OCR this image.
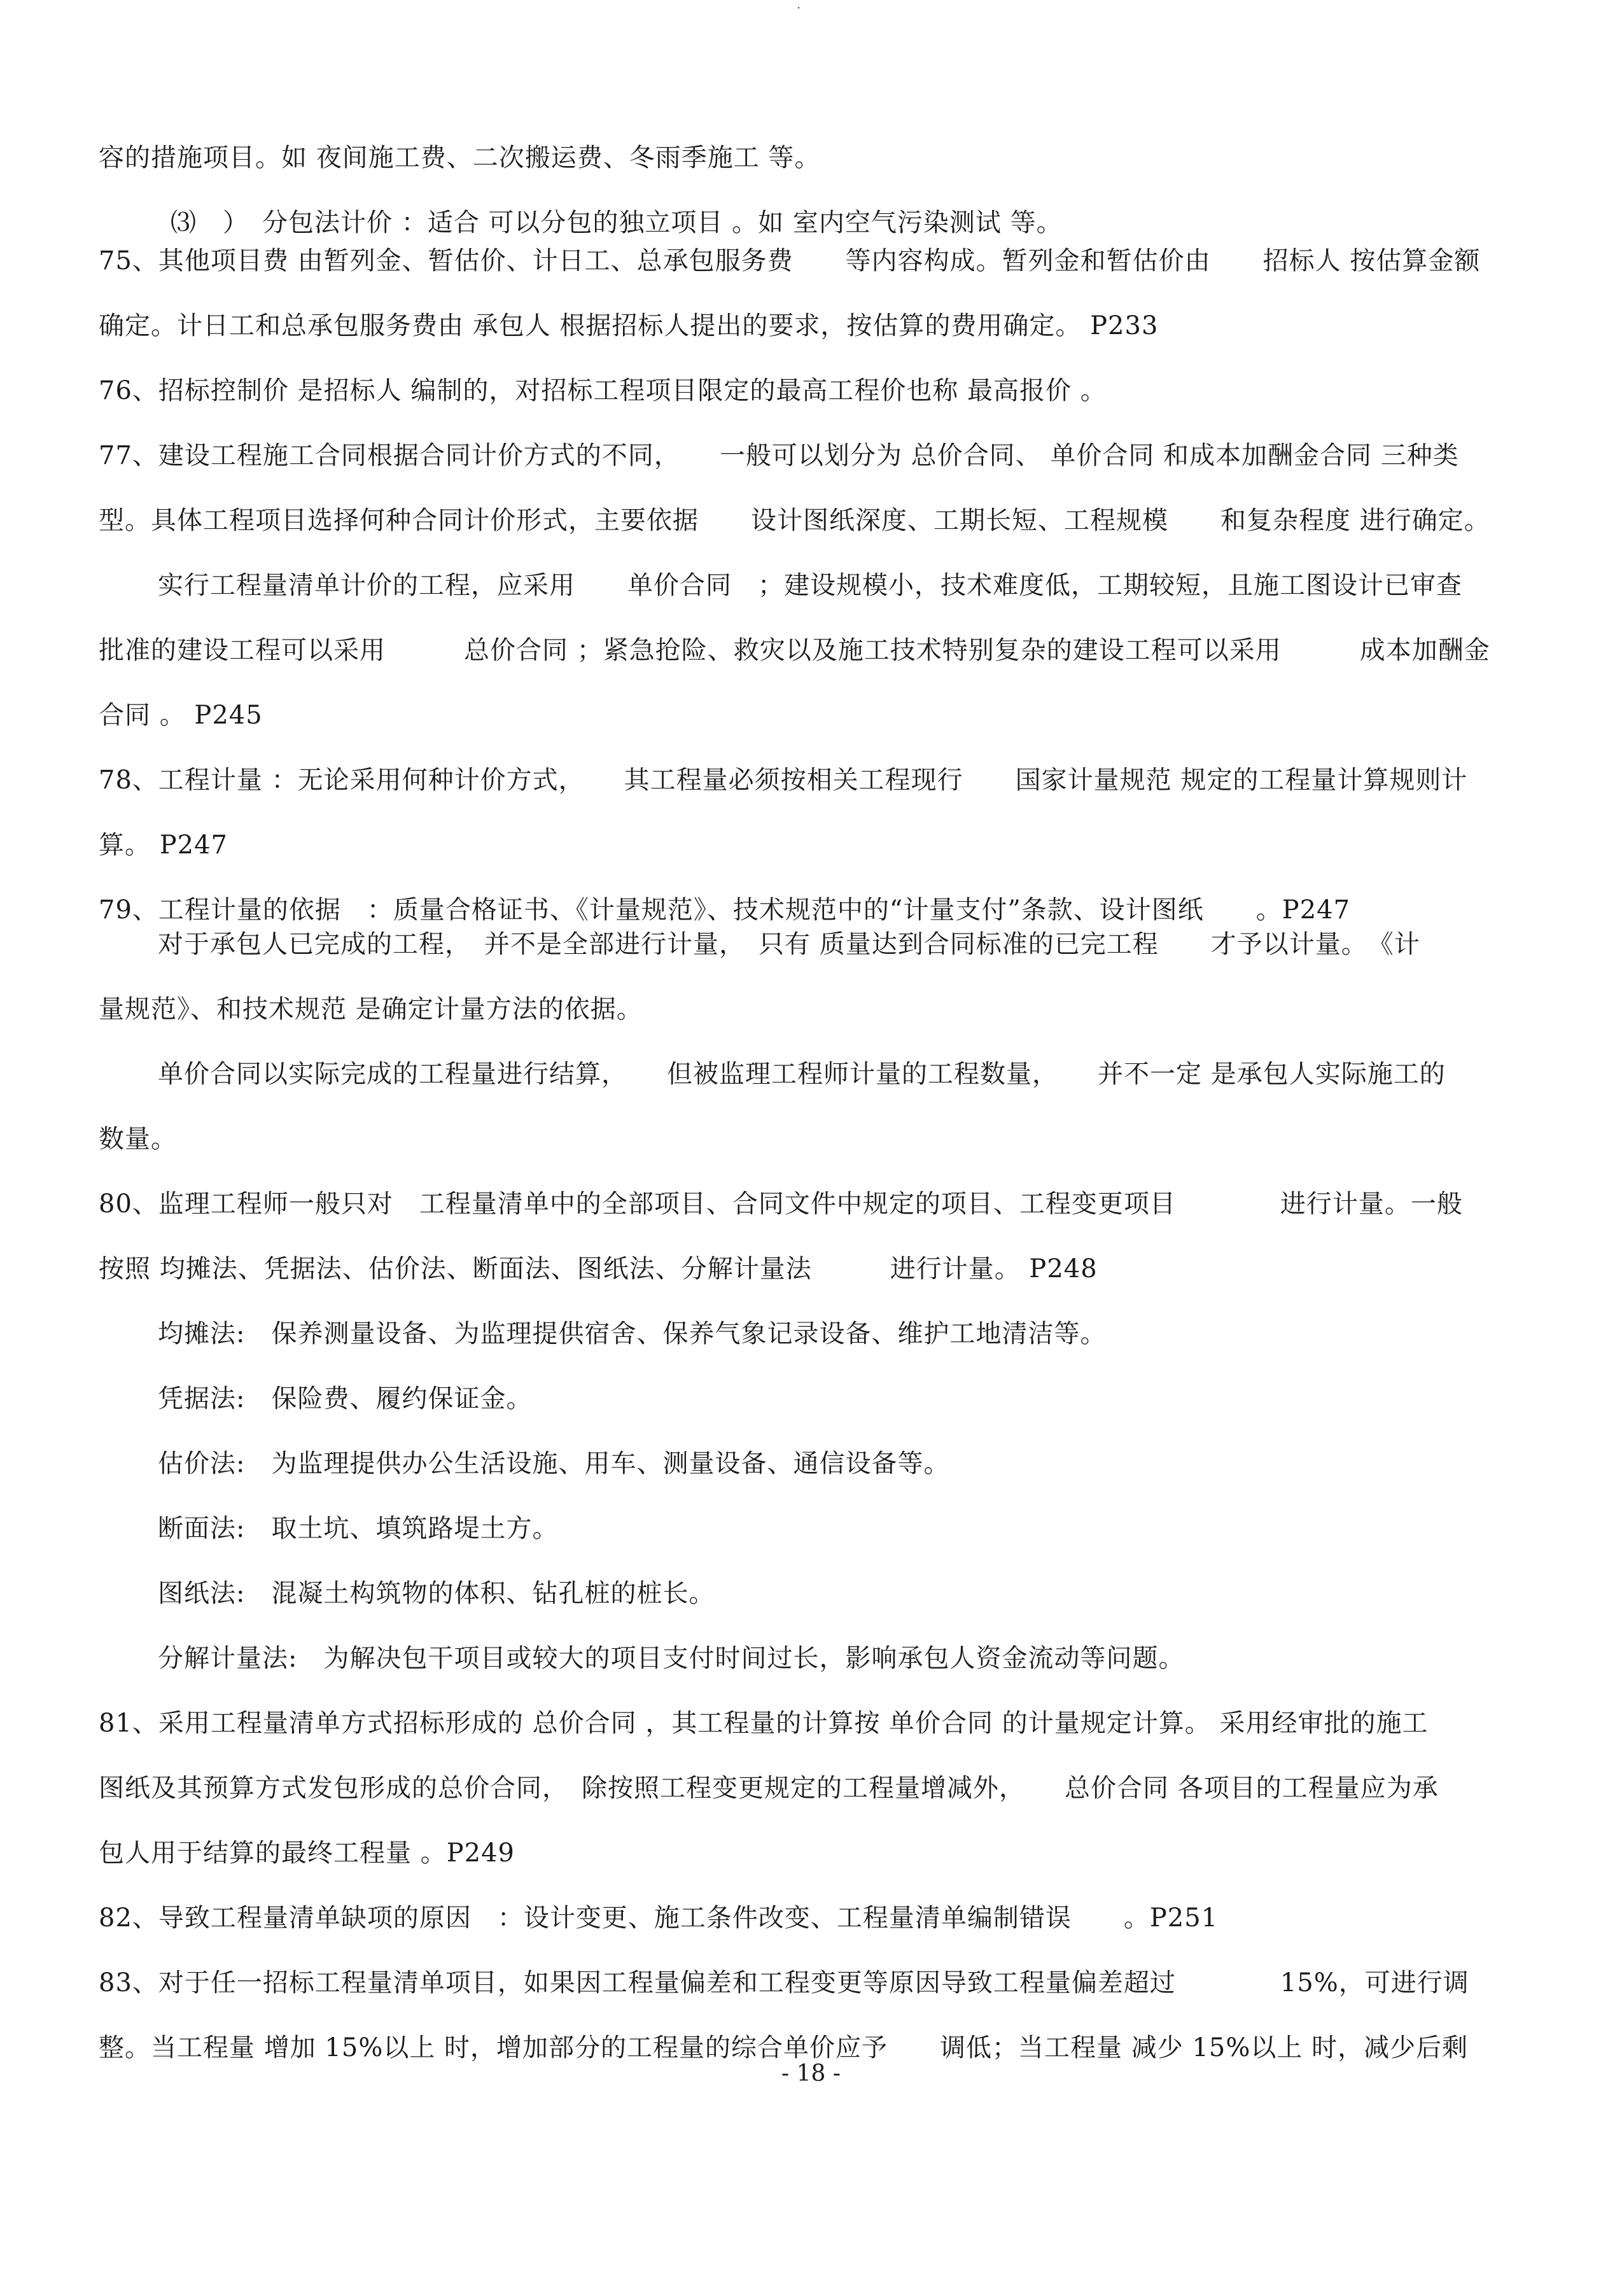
·
容的措施项目。如 夜间施工费、二次搬运费、冬雨季施工 等。
⑶　）　分包法计价 ：适合 可以分包的独立项目 。如 室内空气污染测试 等。
75、其他项目费 由暂列金、暂估价、计日工、总承包服务费　　等内容构成。暂列金和暂估价由　　招标人 按估算金额
确定。计日工和总承包服务费由 承包人 根据招标人提出的要求，按估算的费用确定。 P233
76、招标控制价 是招标人 编制的，对招标工程项目限定的最高工程价也称 最高报价 。
77、建设工程施工合同根据合同计价方式的不同，　　一般可以划分为 总价合同、 单价合同 和成本加酬金合同 三种类
型。具体工程项目选择何种合同计价形式，主要依据　　设计图纸深度、工期长短、工程规模　　和复杂程度 进行确定。
实行工程量清单计价的工程，应采用　　单价合同　；建设规模小，技术难度低，工期较短，且施工图设计已审查
批准的建设工程可以采用　　　总价合同 ；紧急抢险、救灾以及施工技术特别复杂的建设工程可以采用　　　成本加酬金
合同 。 P245
78、工程计量 ：无论采用何种计价方式，　　其工程量必须按相关工程现行　　国家计量规范 规定的工程量计算规则计
算。 P247
79、工程计量的依据　：质量合格证书、《计量规范》、技术规范中的“计量支付”条款、设计图纸　　。P247
对于承包人已完成的工程，　并不是全部进行计量，　只有 质量达到合同标准的已完工程　　才予以计量。　《计
量规范》、和技术规范 是确定计量方法的依据。
单价合同以实际完成的工程量进行结算，　　但被监理工程师计量的工程数量，　　并不一定 是承包人实际施工的
数量。
80、监理工程师一般只对　工程量清单中的全部项目、合同文件中规定的项目、工程变更项目　　　　进行计量。一般
按照 均摊法、凭据法、估价法、断面法、图纸法、分解计量法　　　进行计量。 P248
均摊法:　保养测量设备、为监理提供宿舍、保养气象记录设备、维护工地清洁等。
凭据法:　保险费、履约保证金。
估价法:　为监理提供办公生活设施、用车、测量设备、通信设备等。
断面法:　取土坑、填筑路堤土方。
图纸法:　混凝土构筑物的体积、钻孔桩的桩长。
分解计量法:　为解决包干项目或较大的项目支付时间过长，影响承包人资金流动等问题。
81、采用工程量清单方式招标形成的 总价合同 ，其工程量的计算按 单价合同 的计量规定计算。 采用经审批的施工
图纸及其预算方式发包形成的总价合同，　除按照工程变更规定的工程量增减外，　　总价合同 各项目的工程量应为承
包人用于结算的最终工程量 。P249
82、导致工程量清单缺项的原因　：设计变更、施工条件改变、工程量清单编制错误　　。P251
83、对于任一招标工程量清单项目，如果因工程量偏差和工程变更等原因导致工程量偏差超过　　　　15%，可进行调
整。当工程量 增加 15%以上 时，增加部分的工程量的综合单价应予　　调低；当工程量 减少 15%以上 时，减少后剩
- 18 -
